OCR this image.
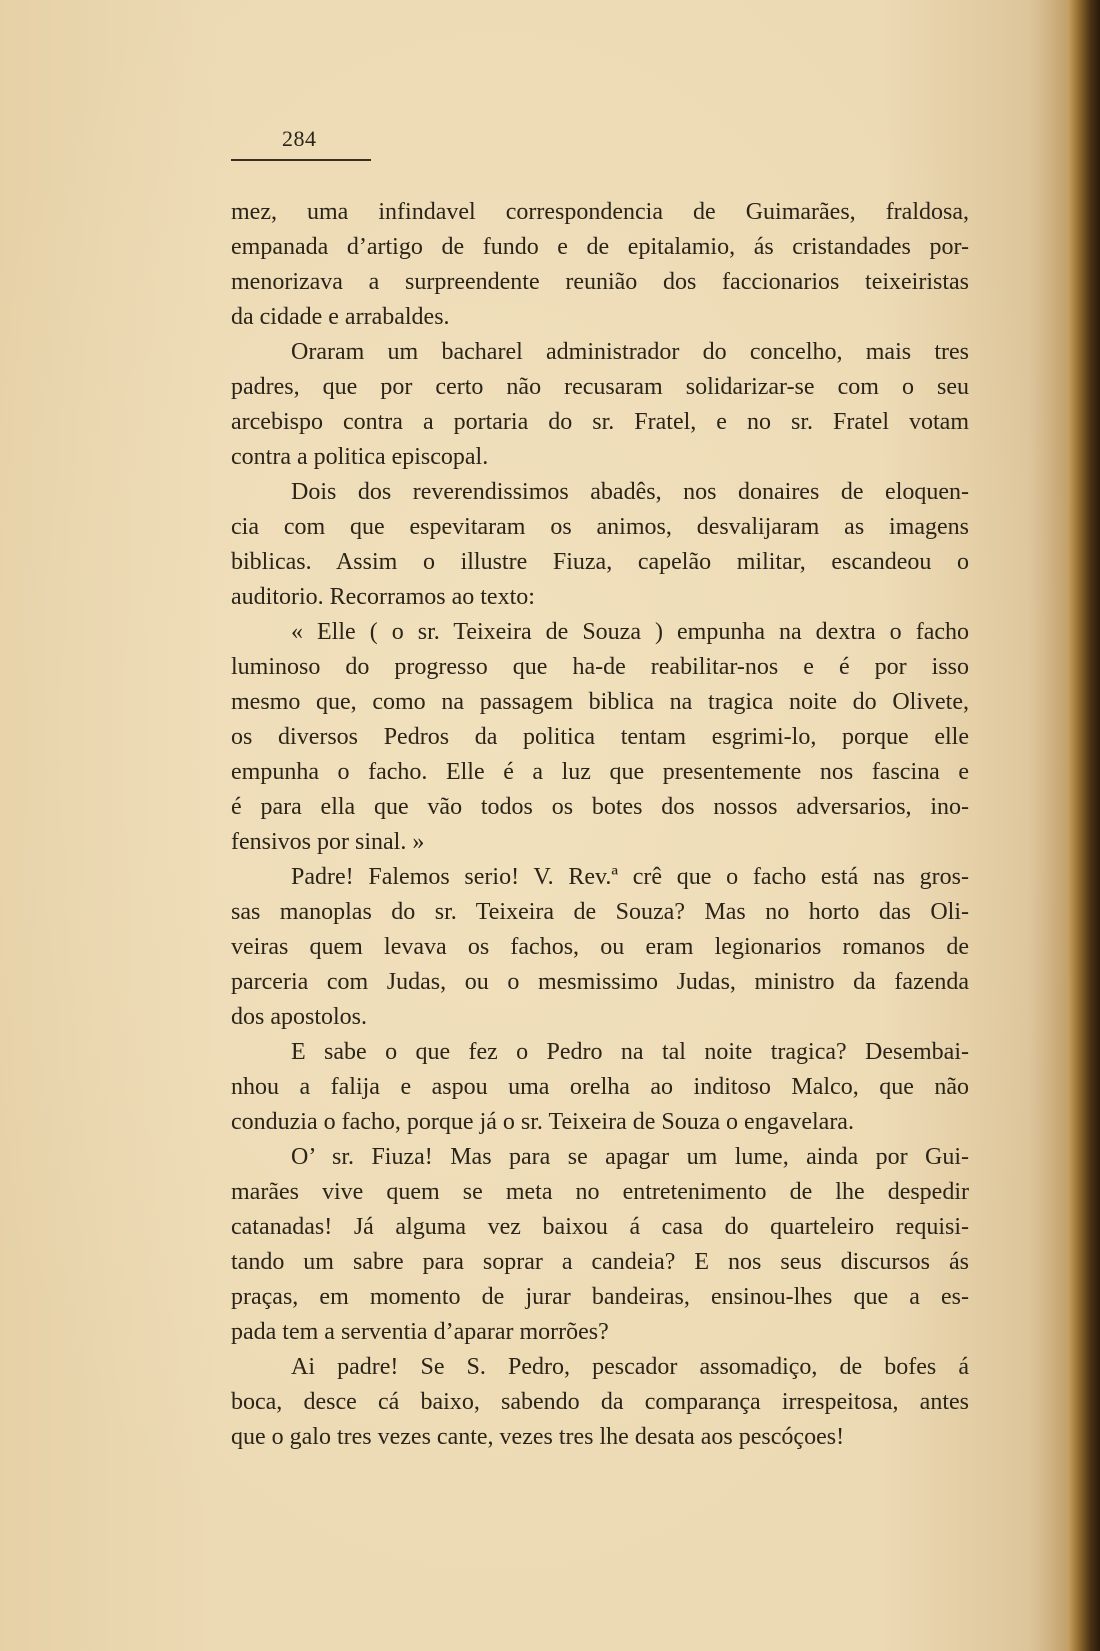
284
mez, uma infindavel correspondencia de Guimarães, fraldosa,
empanada d’artigo de fundo e de epitalamio, ás cristandades por-
menorizava a surpreendente reunião dos faccionarios teixeiristas
da cidade e arrabaldes.
Oraram um bacharel administrador do concelho, mais tres
padres, que por certo não recusaram solidarizar-se com o seu
arcebispo contra a portaria do sr. Fratel, e no sr. Fratel votam
contra a politica episcopal.
Dois dos reverendissimos abadês, nos donaires de eloquen-
cia com que espevitaram os animos, desvalijaram as imagens
biblicas. Assim o illustre Fiuza, capelão militar, escandeou o
auditorio. Recorramos ao texto:
« Elle ( o sr. Teixeira de Souza ) empunha na dextra o facho
luminoso do progresso que ha-de reabilitar-nos e é por isso
mesmo que, como na passagem biblica na tragica noite do Olivete,
os diversos Pedros da politica tentam esgrimi-lo, porque elle
empunha o facho. Elle é a luz que presentemente nos fascina e
é para ella que vão todos os botes dos nossos adversarios, ino-
fensivos por sinal. »
Padre! Falemos serio! V. Rev.ª crê que o facho está nas gros-
sas manoplas do sr. Teixeira de Souza? Mas no horto das Oli-
veiras quem levava os fachos, ou eram legionarios romanos de
parceria com Judas, ou o mesmissimo Judas, ministro da fazenda
dos apostolos.
E sabe o que fez o Pedro na tal noite tragica? Desembai-
nhou a falija e aspou uma orelha ao inditoso Malco, que não
conduzia o facho, porque já o sr. Teixeira de Souza o engavelara.
O’ sr. Fiuza! Mas para se apagar um lume, ainda por Gui-
marães vive quem se meta no entretenimento de lhe despedir
catanadas! Já alguma vez baixou á casa do quarteleiro requisi-
tando um sabre para soprar a candeia? E nos seus discursos ás
praças, em momento de jurar bandeiras, ensinou-lhes que a es-
pada tem a serventia d’aparar morrões?
Ai padre! Se S. Pedro, pescador assomadiço, de bofes á
boca, desce cá baixo, sabendo da comparança irrespeitosa, antes
que o galo tres vezes cante, vezes tres lhe desata aos pescóçoes!
